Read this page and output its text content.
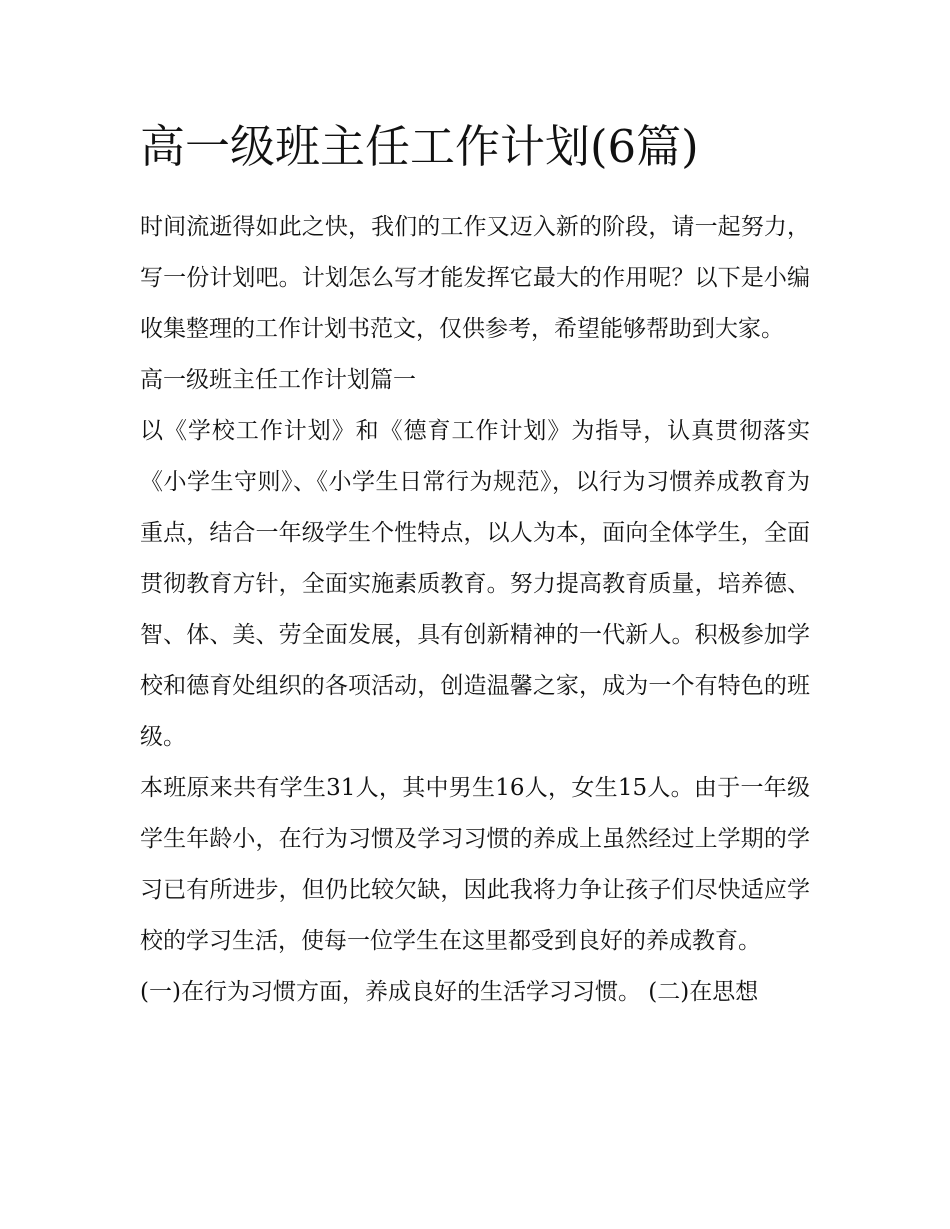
高一级班主任工作计划(6篇)

时间流逝得如此之快，我们的工作又迈入新的阶段，请一起努力，写一份计划吧。计划怎么写才能发挥它最大的作用呢？以下是小编收集整理的工作计划书范文，仅供参考，希望能够帮助到大家。

高一级班主任工作计划篇一

以《学校工作计划》和《德育工作计划》为指导，认真贯彻落实《小学生守则》、《小学生日常行为规范》，以行为习惯养成教育为重点，结合一年级学生个性特点，以人为本，面向全体学生，全面贯彻教育方针，全面实施素质教育。努力提高教育质量，培养德、智、体、美、劳全面发展，具有创新精神的一代新人。积极参加学校和德育处组织的各项活动，创造温馨之家，成为一个有特色的班级。

本班原来共有学生31人，其中男生16人，女生15人。由于一年级学生年龄小，在行为习惯及学习习惯的养成上虽然经过上学期的学习已有所进步，但仍比较欠缺，因此我将力争让孩子们尽快适应学校的学习生活，使每一位学生在这里都受到良好的养成教育。

(一)在行为习惯方面，养成良好的生活学习习惯。 (二)在思想
